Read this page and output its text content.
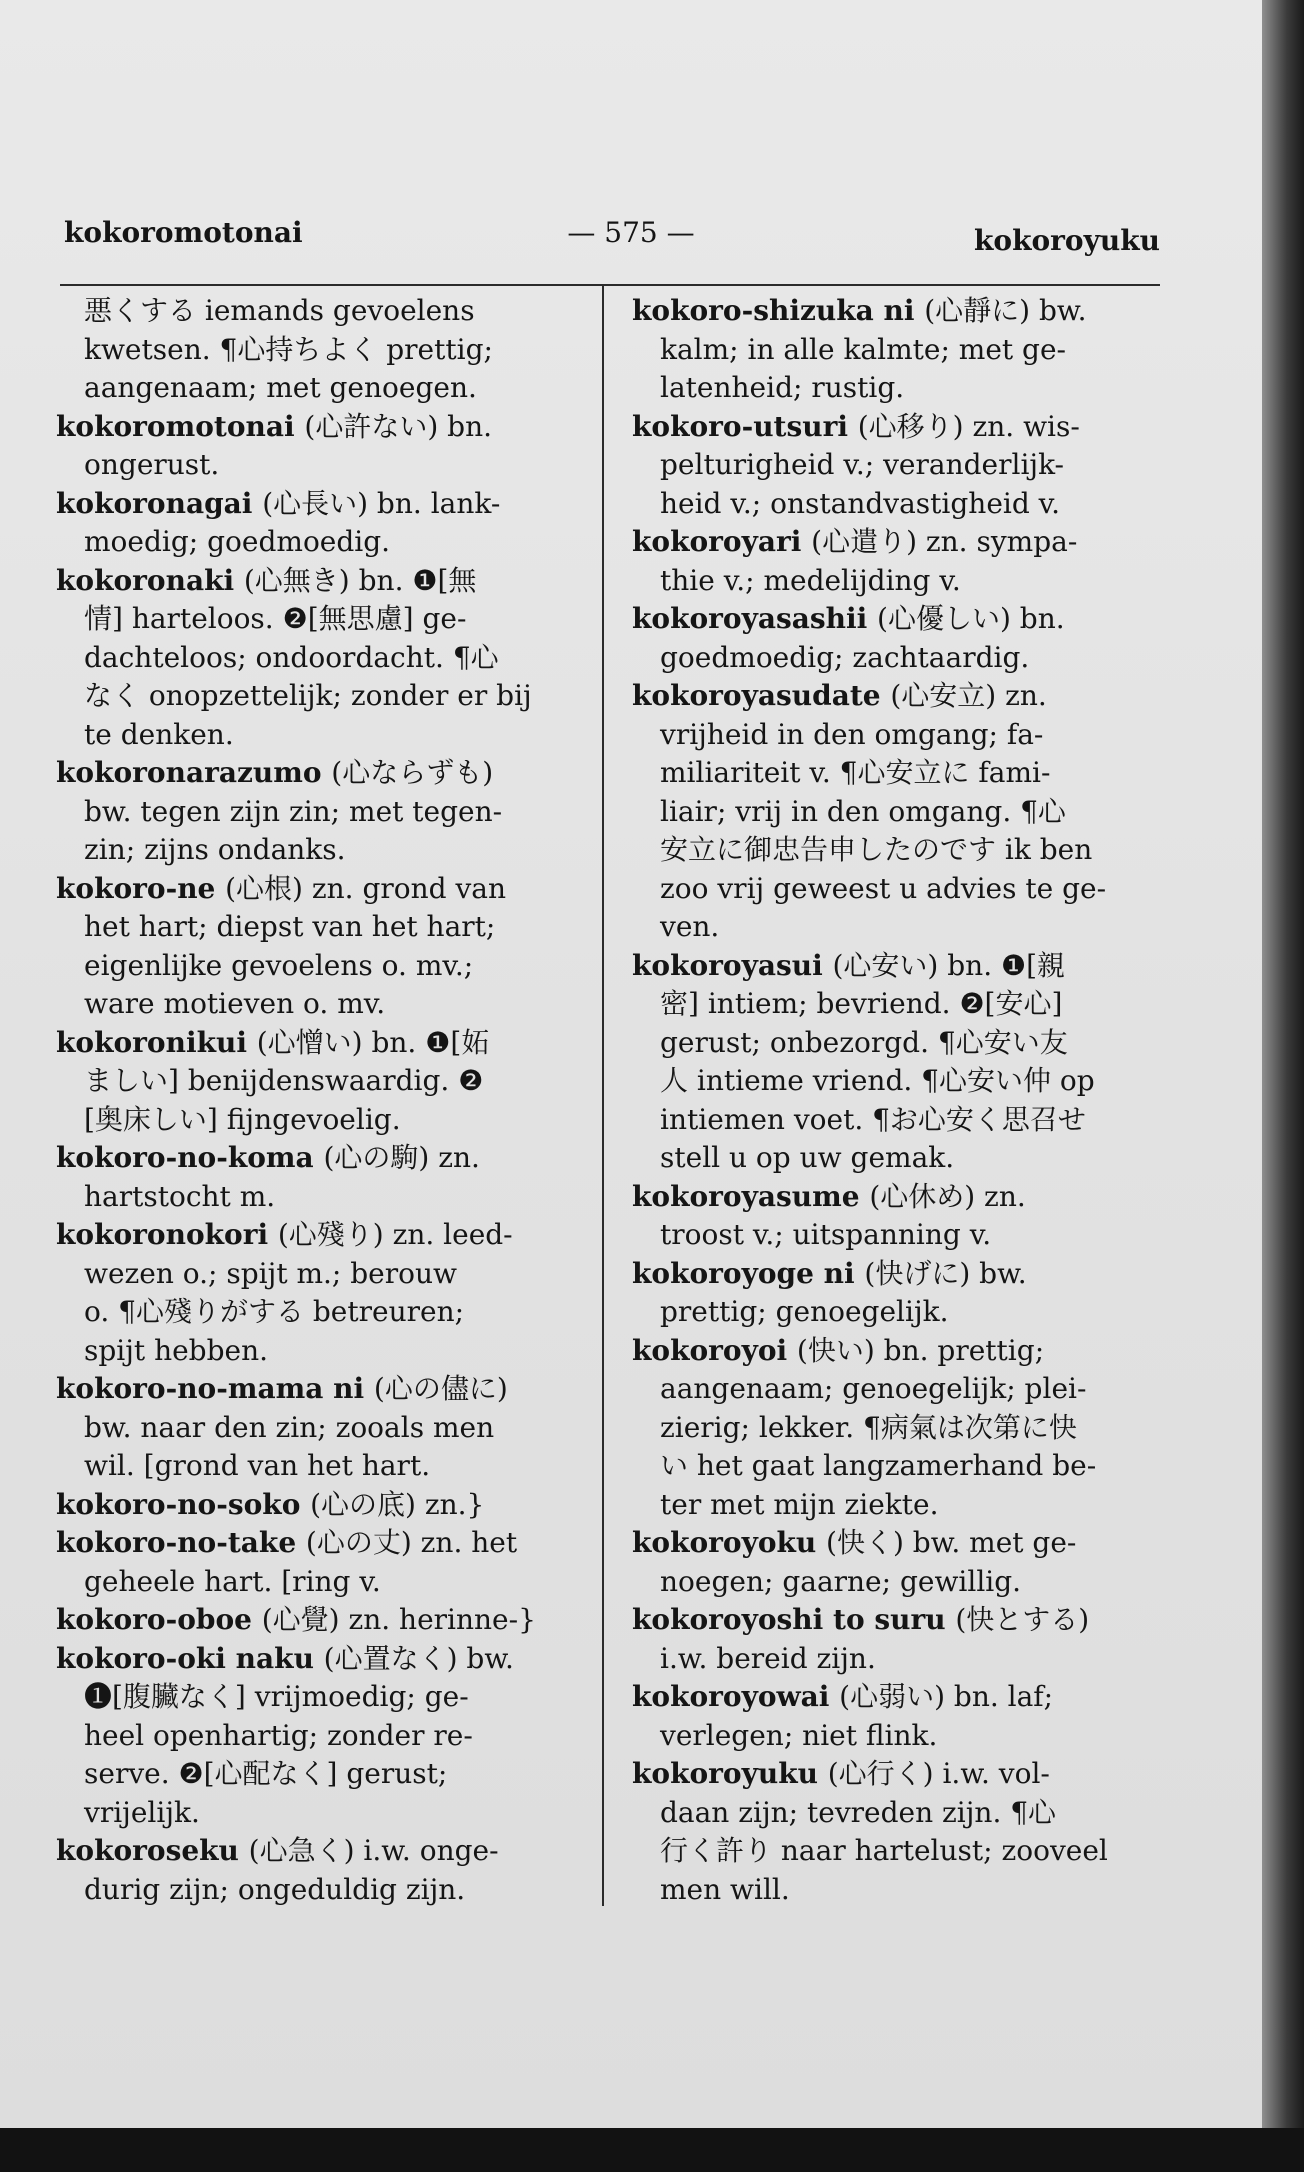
— 575 —
kokoromotonai	kokoroyuku
悪くする iemands gevoelens
kwetsen. ¶心持ちよく prettig;
aangenaam; met genoegen.
kokoromotonai (心許ない) bn.
ongerust.
kokoronagai (心長い) bn. lank-
moedig; goedmoedig.
kokoronaki (心無き) bn. ❶[無
情] harteloos. ❷[無思慮] ge-
dachteloos; ondoordacht. ¶心
なく onopzettelijk; zonder er bij
te denken.
kokoronarazumo (心ならずも)
bw. tegen zijn zin; met tegen-
zin; zijns ondanks.
kokoro-ne (心根) zn. grond van
het hart; diepst van het hart;
eigenlijke gevoelens o. mv.;
ware motieven o. mv.
kokoronikui (心憎い) bn. ❶[妬
ましい] benijdenswaardig. ❷
[奥床しい] fijngevoelig.
kokoro-no-koma (心の駒) zn.
hartstocht m.
kokoronokori (心殘り) zn. leed-
wezen o.; spijt m.; berouw
o. ¶心殘りがする betreuren;
spijt hebben.
kokoro-no-mama ni (心の儘に)
bw. naar den zin; zooals men
wil. [grond van het hart.
kokoro-no-soko (心の底) zn.}
kokoro-no-take (心の丈) zn. het
geheele hart. [ring v.
kokoro-oboe (心覺) zn. herinne-}
kokoro-oki naku (心置なく) bw.
❶[腹臟なく] vrijmoedig; ge-
heel openhartig; zonder re-
serve. ❷[心配なく] gerust;
vrijelijk.
kokoroseku (心急く) i.w. onge-
durig zijn; ongeduldig zijn.
kokoro-shizuka ni (心靜に) bw.
kalm; in alle kalmte; met ge-
latenheid; rustig.
kokoro-utsuri (心移り) zn. wis-
pelturigheid v.; veranderlijk-
heid v.; onstandvastigheid v.
kokoroyari (心遣り) zn. sympa-
thie v.; medelijding v.
kokoroyasashii (心優しい) bn.
goedmoedig; zachtaardig.
kokoroyasudate (心安立) zn.
vrijheid in den omgang; fa-
miliariteit v. ¶心安立に fami-
liair; vrij in den omgang. ¶心
安立に御忠告申したのです ik ben
zoo vrij geweest u advies te ge-
ven.
kokoroyasui (心安い) bn. ❶[親
密] intiem; bevriend. ❷[安心]
gerust; onbezorgd. ¶心安い友
人 intieme vriend. ¶心安い仲 op
intiemen voet. ¶お心安く思召せ
stell u op uw gemak.
kokoroyasume (心休め) zn.
troost v.; uitspanning v.
kokoroyoge ni (快げに) bw.
prettig; genoegelijk.
kokoroyoi (快い) bn. prettig;
aangenaam; genoegelijk; plei-
zierig; lekker. ¶病氣は次第に快
い het gaat langzamerhand be-
ter met mijn ziekte.
kokoroyoku (快く) bw. met ge-
noegen; gaarne; gewillig.
kokoroyoshi to suru (快とする)
i.w. bereid zijn.
kokoroyowai (心弱い) bn. laf;
verlegen; niet flink.
kokoroyuku (心行く) i.w. vol-
daan zijn; tevreden zijn. ¶心
行く許り naar hartelust; zooveel
men will.
